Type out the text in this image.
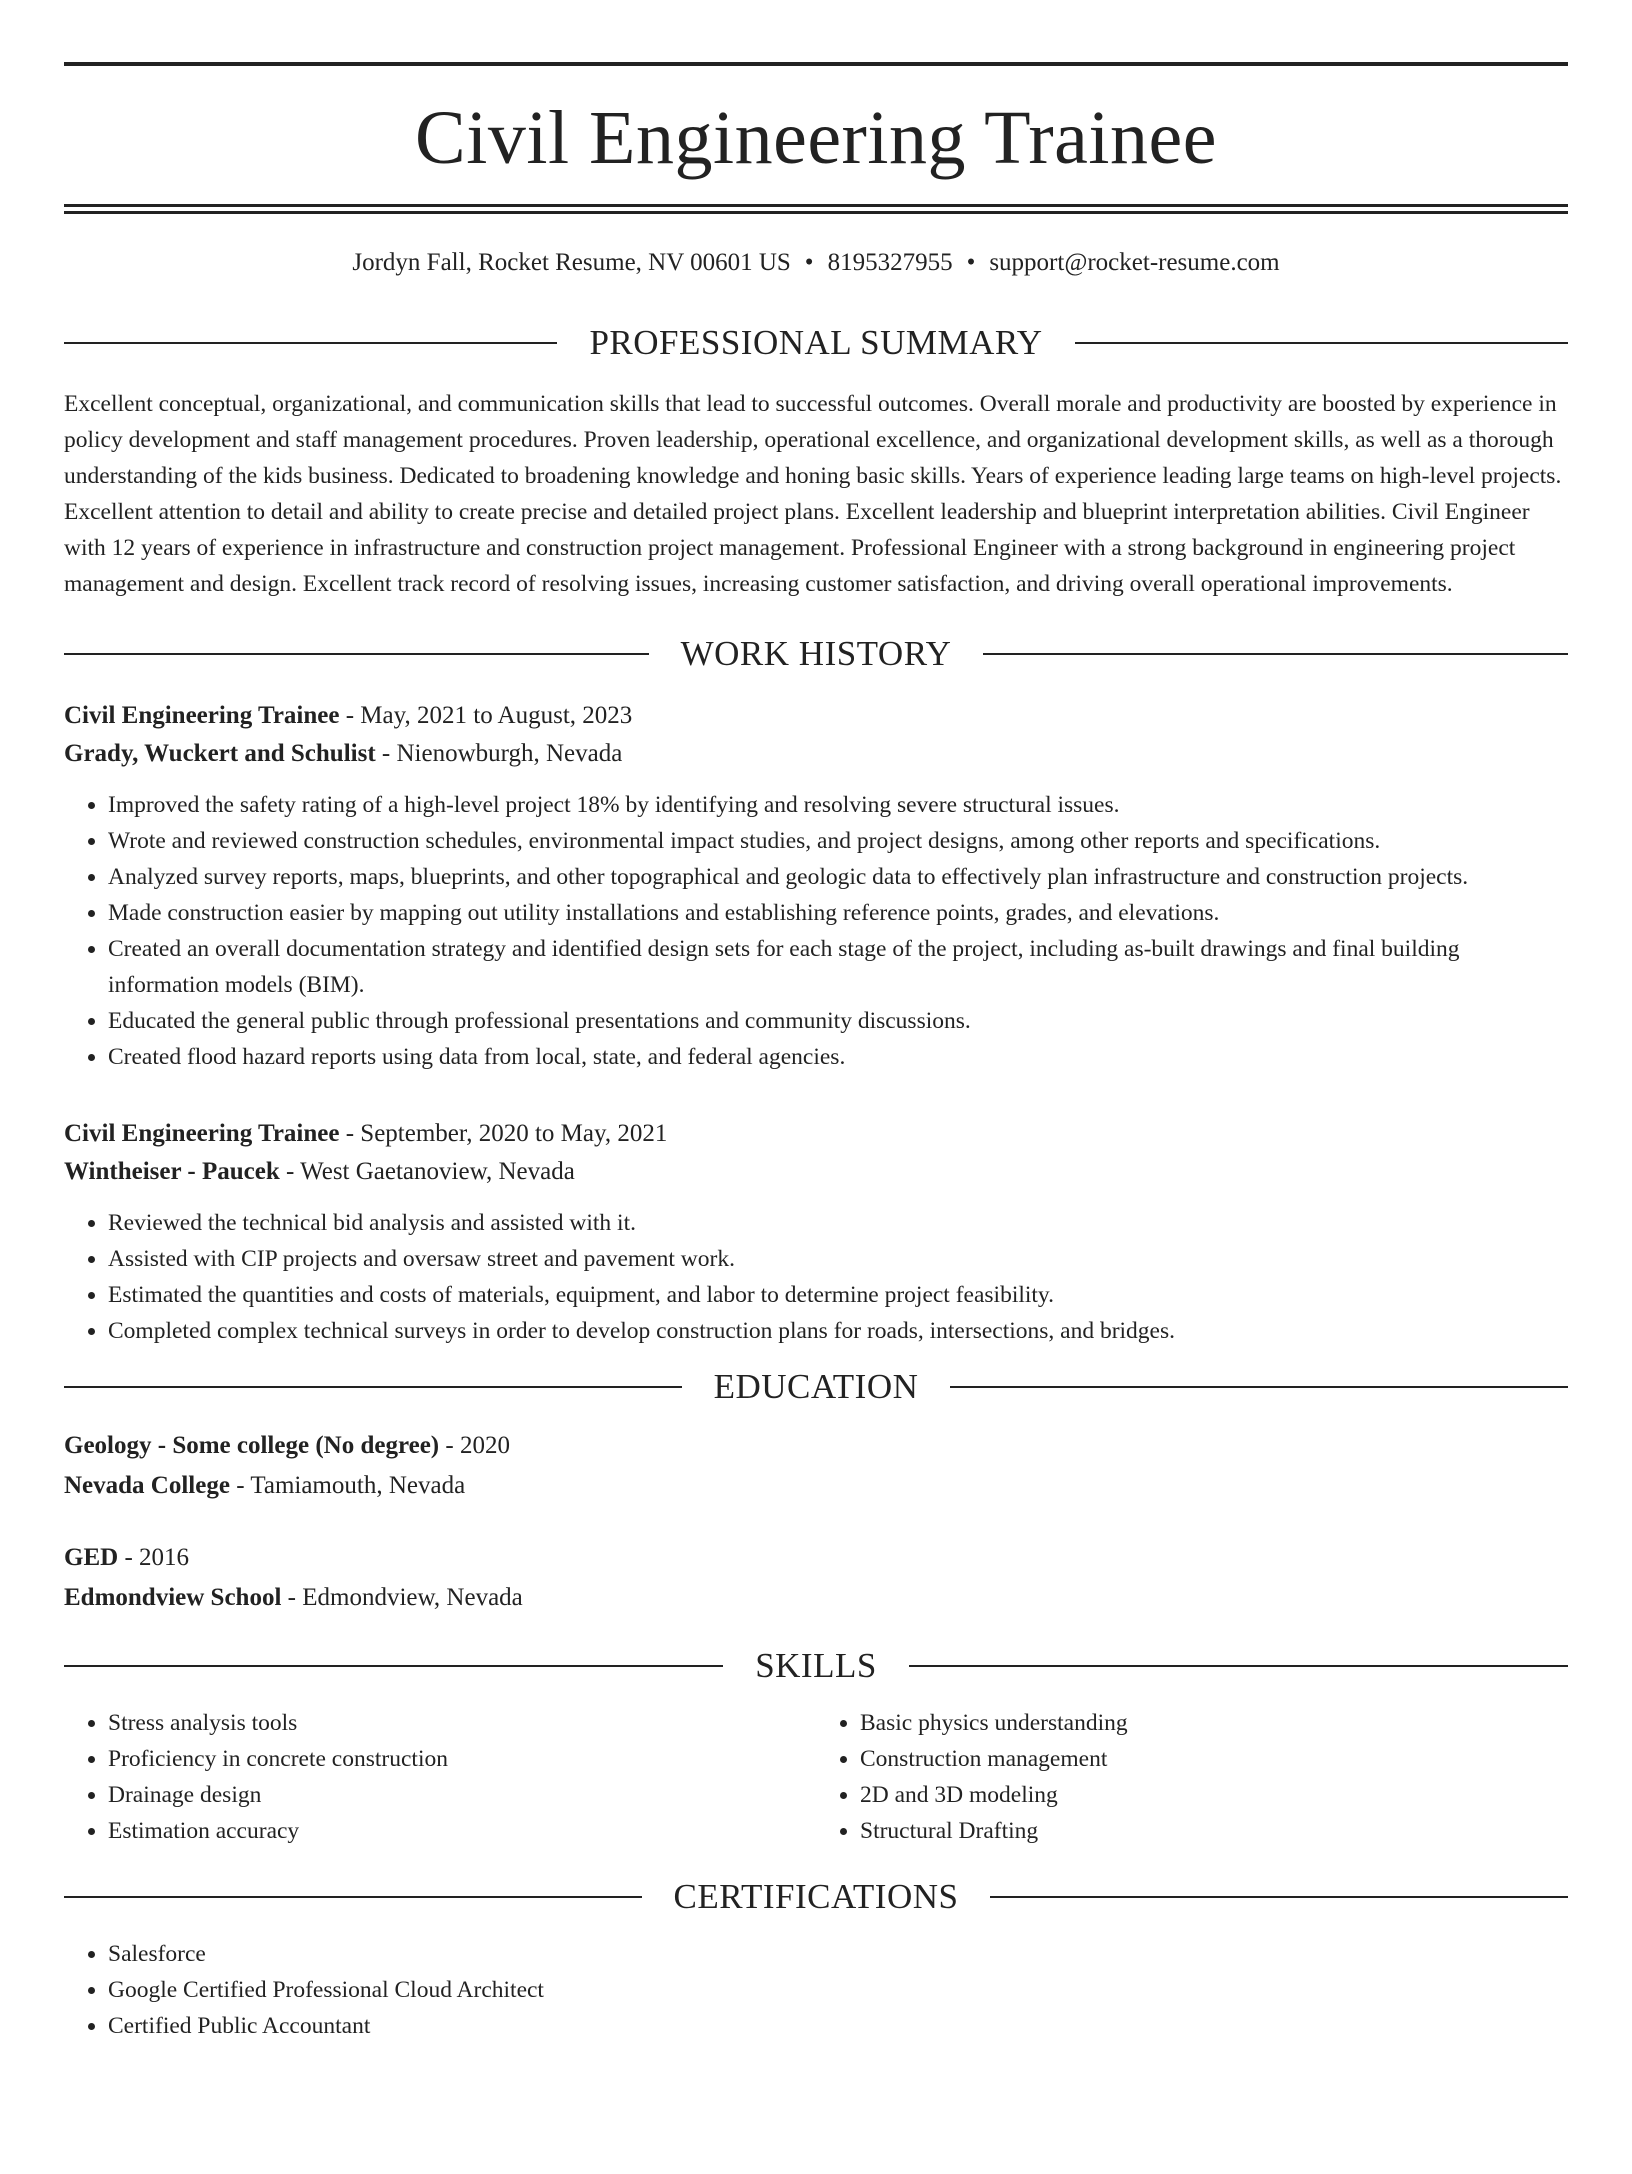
Civil Engineering Trainee
Jordyn Fall, Rocket Resume, NV 00601 US • 8195327955 • support@rocket-resume.com
PROFESSIONAL SUMMARY

Excellent conceptual, organizational, and communication skills that lead to successful outcomes. Overall morale and productivity are boosted by experience in policy development and staff management procedures. Proven leadership, operational excellence, and organizational development skills, as well as a thorough understanding of the kids business. Dedicated to broadening knowledge and honing basic skills. Years of experience leading large teams on high-level projects. Excellent attention to detail and ability to create precise and detailed project plans. Excellent leadership and blueprint interpretation abilities. Civil Engineer with 12 years of experience in infrastructure and construction project management. Professional Engineer with a strong background in engineering project management and design. Excellent track record of resolving issues, increasing customer satisfaction, and driving overall operational improvements.

WORK HISTORY
Civil Engineering Trainee - May, 2021 to August, 2023
Grady, Wuckert and Schulist - Nienowburgh, Nevada
• Improved the safety rating of a high-level project 18% by identifying and resolving severe structural issues.
• Wrote and reviewed construction schedules, environmental impact studies, and project designs, among other reports and specifications.
• Analyzed survey reports, maps, blueprints, and other topographical and geologic data to effectively plan infrastructure and construction projects.
• Made construction easier by mapping out utility installations and establishing reference points, grades, and elevations.
• Created an overall documentation strategy and identified design sets for each stage of the project, including as-built drawings and final building information models (BIM).
• Educated the general public through professional presentations and community discussions.
• Created flood hazard reports using data from local, state, and federal agencies.
Civil Engineering Trainee - September, 2020 to May, 2021
Wintheiser - Paucek - West Gaetanoview, Nevada
• Reviewed the technical bid analysis and assisted with it.
• Assisted with CIP projects and oversaw street and pavement work.
• Estimated the quantities and costs of materials, equipment, and labor to determine project feasibility.
• Completed complex technical surveys in order to develop construction plans for roads, intersections, and bridges.
EDUCATION
Geology - Some college (No degree) - 2020
Nevada College - Tamiamouth, Nevada
GED - 2016
Edmondview School - Edmondview, Nevada
SKILLS
• Stress analysis tools
• Proficiency in concrete construction
• Drainage design
• Estimation accuracy
• Basic physics understanding
• Construction management
• 2D and 3D modeling
• Structural Drafting
CERTIFICATIONS
• Salesforce
• Google Certified Professional Cloud Architect
• Certified Public Accountant
